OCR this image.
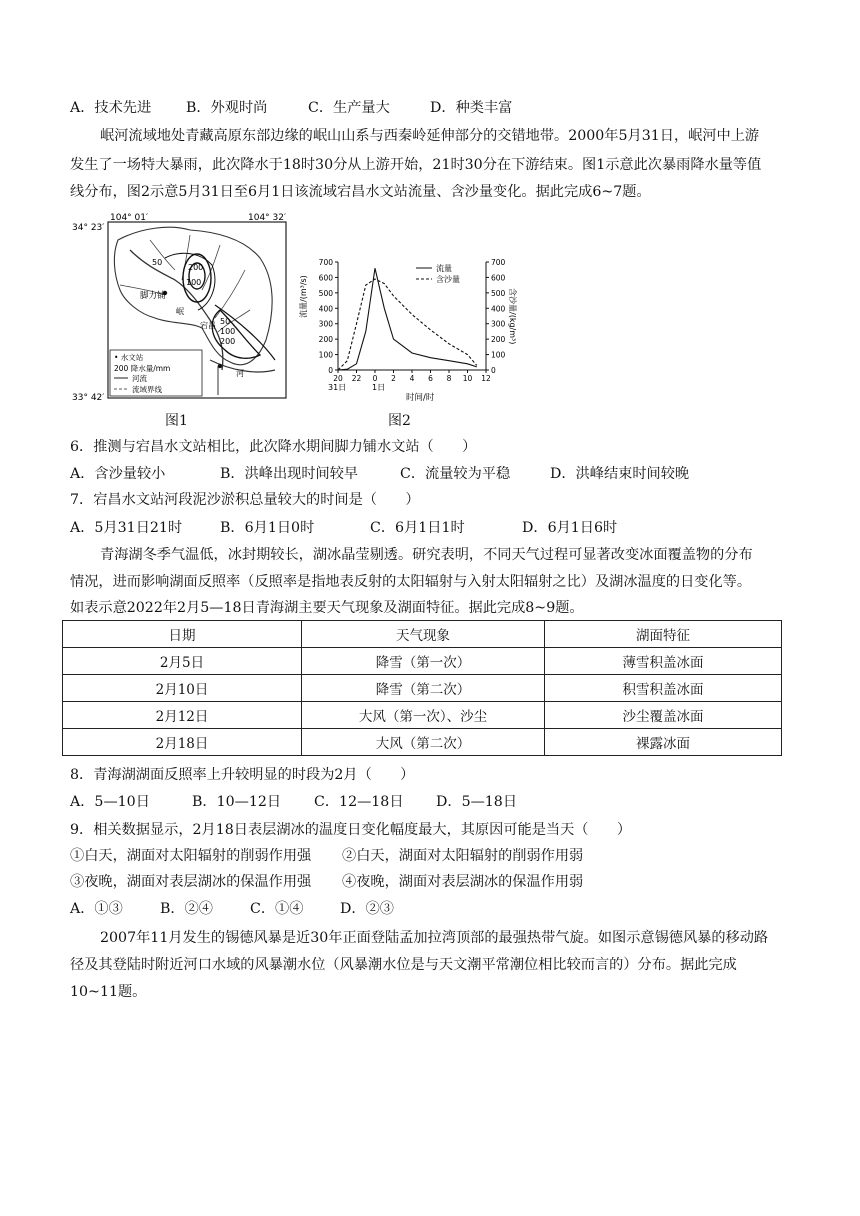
A．技术先进	B．外观时尚	C．生产量大	D．种类丰富
岷河流域地处青藏高原东部边缘的岷山山系与西秦岭延伸部分的交错地带。2000年5月31日，岷河中上游
发生了一场特大暴雨，此次降水于18时30分从上游开始，21时30分在下游结束。图1示意此次暴雨降水量等值
线分布，图2示意5月31日至6月1日该流域宕昌水文站流量、含沙量变化。据此完成6~7题。
34° 23′
104° 01′	104° 32′
33° 42′
50
200
100
脚力铺
岷
宕昌 50
100
200
河
• 水文站
200 降水量/mm
河流
流域界线
0	0
100	100
200	200
300	300
400	400
500	500
600	600
700	700
20 22 0 2 4 6 8 10 12
流量/(m³/s)	含沙量/(kg/m³)
时间/时
31日	1日
流量
含沙量
图1	图2
6．推测与宕昌水文站相比，此次降水期间脚力铺水文站（　　）
A．含沙量较小	B．洪峰出现时间较早	C．流量较为平稳	D．洪峰结束时间较晚
7．宕昌水文站河段泥沙淤积总量较大的时间是（　　）
A．5月31日21时	B．6月1日0时	C．6月1日1时	D．6月1日6时
青海湖冬季气温低，冰封期较长，湖冰晶莹剔透。研究表明，不同天气过程可显著改变冰面覆盖物的分布
情况，进而影响湖面反照率（反照率是指地表反射的太阳辐射与入射太阳辐射之比）及湖冰温度的日变化等。
如表示意2022年2月5—18日青海湖主要天气现象及湖面特征。据此完成8~9题。
日期	天气现象	湖面特征
2月5日	降雪（第一次）	薄雪积盖冰面
2月10日	降雪（第二次）	积雪积盖冰面
2月12日	大风（第一次）、沙尘	沙尘覆盖冰面
2月18日	大风（第二次）	裸露冰面
8．青海湖湖面反照率上升较明显的时段为2月（　　）
A．5—10日	B．10—12日	C．12—18日	D．5—18日
9．相关数据显示，2月18日表层湖冰的温度日变化幅度最大，其原因可能是当天（　　）
①白天，湖面对太阳辐射的削弱作用强	②白天，湖面对太阳辐射的削弱作用弱
③夜晚，湖面对表层湖冰的保温作用强	④夜晚，湖面对表层湖冰的保温作用弱
A．①③	B．②④	C．①④	D．②③
2007年11月发生的锡德风暴是近30年正面登陆孟加拉湾顶部的最强热带气旋。如图示意锡德风暴的移动路
径及其登陆时附近河口水域的风暴潮水位（风暴潮水位是与天文潮平常潮位相比较而言的）分布。据此完成
10~11题。
